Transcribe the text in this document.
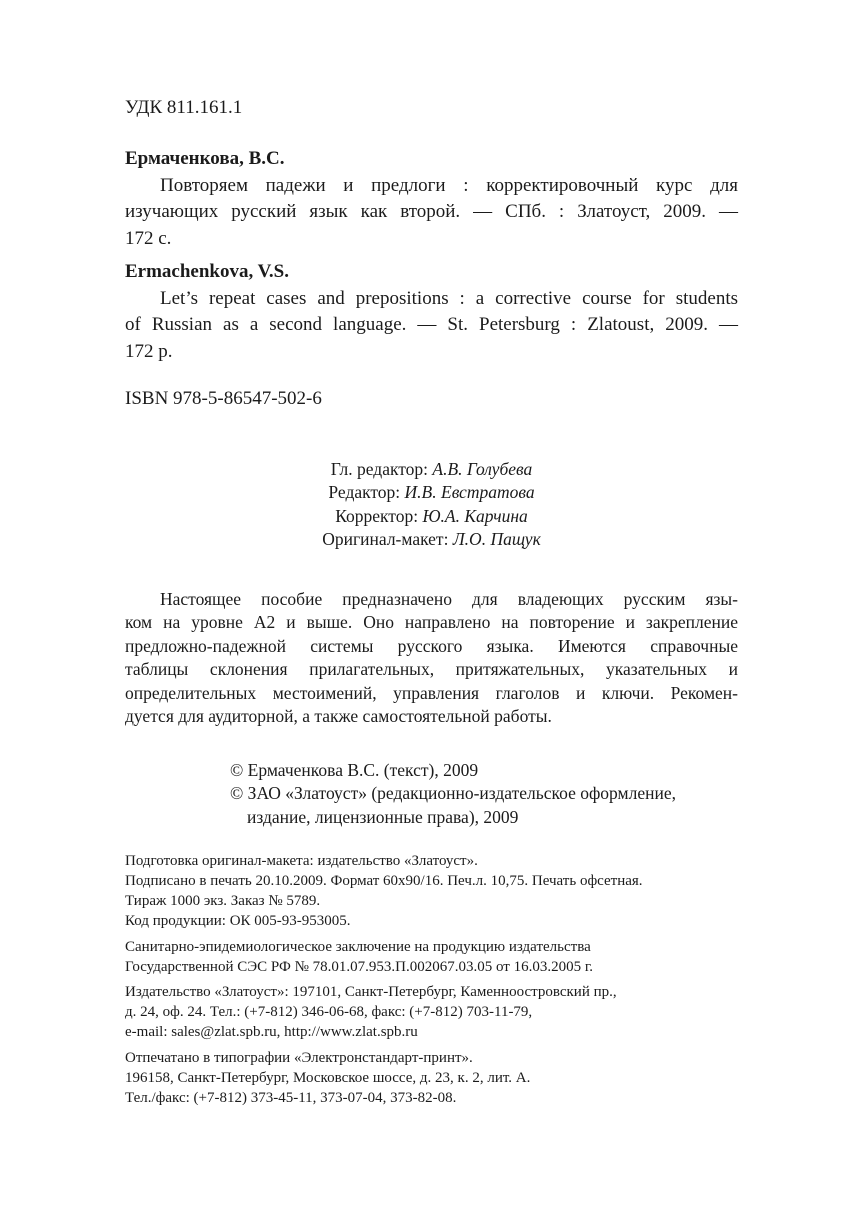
УДК 811.161.1
Ермаченкова, В.С.
Повторяем падежи и предлоги : корректировочный курс для
изучающих русский язык как второй. — СПб. : Златоуст, 2009. —
172 с.
Ermachenkova, V.S.
Let’s repeat cases and prepositions : a corrective course for students
of Russian as a second language. — St. Petersburg : Zlatoust, 2009. —
172 p.
ISBN 978-5-86547-502-6
Гл. редактор: А.В. Голубева
Редактор: И.В. Евстратова
Корректор: Ю.А. Карчина
Оригинал-макет: Л.О. Пащук
Настоящее пособие предназначено для владеющих русским язы-
ком на уровне А2 и выше. Оно направлено на повторение и закрепление
предложно-падежной системы русского языка. Имеются справочные
таблицы склонения прилагательных, притяжательных, указательных и
определительных местоимений, управления глаголов и ключи. Рекомен-
дуется для аудиторной, а также самостоятельной работы.
© Ермаченкова В.С. (текст), 2009
© ЗАО «Златоуст» (редакционно-издательское оформление,
издание, лицензионные права), 2009
Подготовка оригинал-макета: издательство «Златоуст».
Подписано в печать 20.10.2009. Формат 60х90/16. Печ.л. 10,75. Печать офсетная.
Тираж 1000 экз. Заказ № 5789.
Код продукции: ОК 005-93-953005.
Санитарно-эпидемиологическое заключение на продукцию издательства
Государственной СЭС РФ № 78.01.07.953.П.002067.03.05 от 16.03.2005 г.
Издательство «Златоуст»: 197101, Санкт-Петербург, Каменноостровский пр.,
д. 24, оф. 24. Тел.: (+7-812) 346-06-68, факс: (+7-812) 703-11-79,
e-mail: sales@zlat.spb.ru, http://www.zlat.spb.ru
Отпечатано в типографии «Электронстандарт-принт».
196158, Санкт-Петербург, Московское шоссе, д. 23, к. 2, лит. А.
Тел./факс: (+7-812) 373-45-11, 373-07-04, 373-82-08.
